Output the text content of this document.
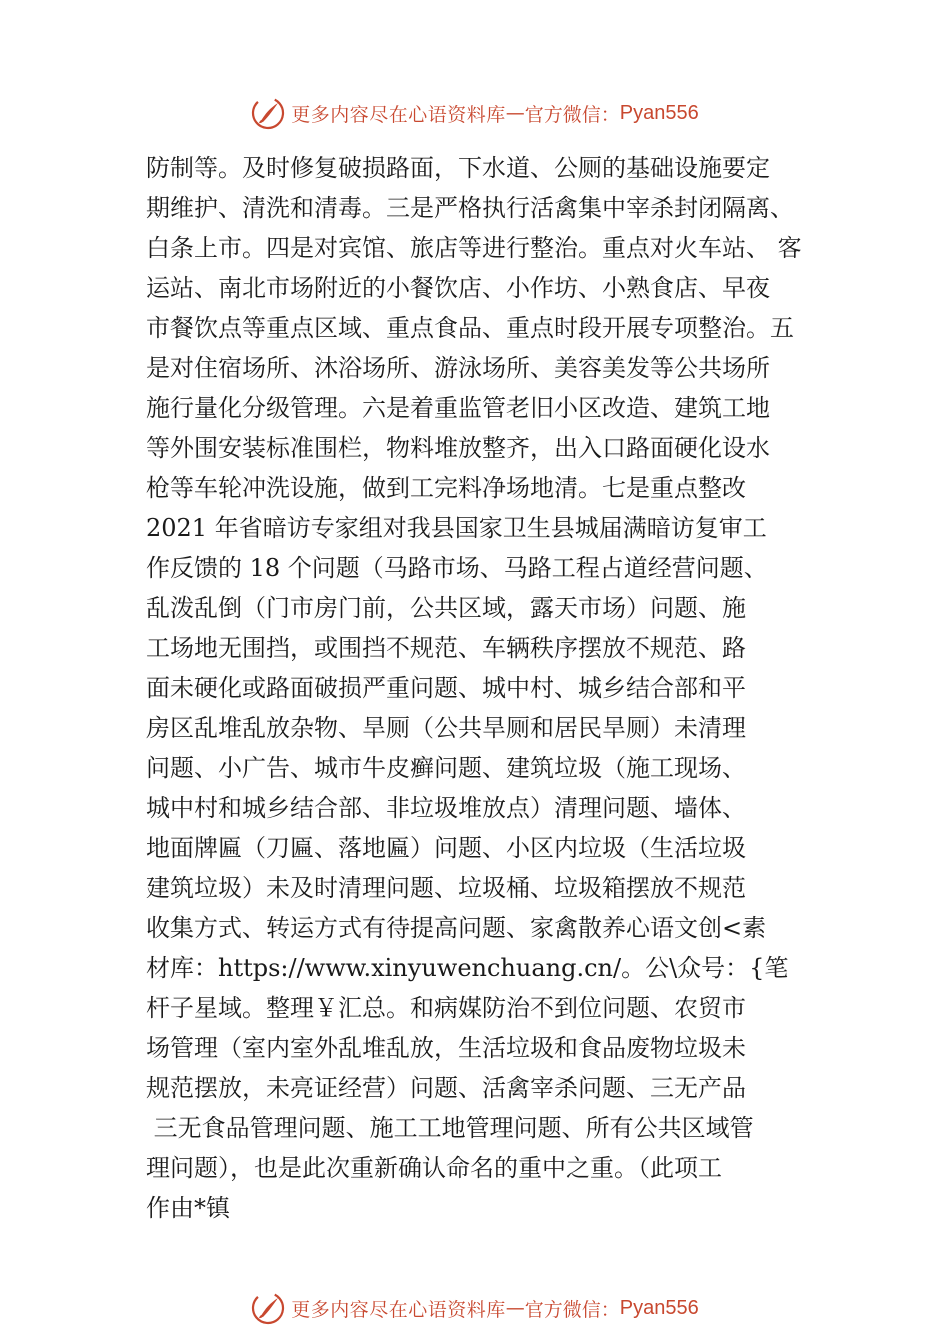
更多内容尽在心语资料库 — 官方微信： Pyan556
防制等。及时修复破损路面，下水道、公厕的基础设施要定
期维护、清洗和清毒。三是严格执行活禽集中宰杀封闭隔离、
白条上市。四是对宾馆、旅店等进行整治。重点对火车站、 客
运站、南北市场附近的小餐饮店、小作坊、小熟食店、早夜
市餐饮点等重点区域、重点食品、重点时段开展专项整治。五
是对住宿场所、沐浴场所、游泳场所、美容美发等公共场所
施行量化分级管理。六是着重监管老旧小区改造、建筑工地
等外围安装标准围栏，物料堆放整齐，出入口路面硬化设水
枪等车轮冲洗设施，做到工完料净场地清。七是重点整改
2021 年省暗访专家组对我县国家卫生县城届满暗访复审工
作反馈的 18 个问题（马路市场、马路工程占道经营问题、
乱泼乱倒（门市房门前，公共区域，露天市场）问题、施
工场地无围挡，或围挡不规范、车辆秩序摆放不规范、路
面未硬化或路面破损严重问题、城中村、城乡结合部和平
房区乱堆乱放杂物、旱厕（公共旱厕和居民旱厕）未清理
问题、小广告、城市牛皮癣问题、建筑垃圾（施工现场、
城中村和城乡结合部、非垃圾堆放点）清理问题、墙体、
地面牌匾（刀匾、落地匾）问题、小区内垃圾（生活垃圾
建筑垃圾）未及时清理问题、垃圾桶、垃圾箱摆放不规范
收集方式、转运方式有待提高问题、家禽散养心语文创<素
材库：https://www.xinyuwenchuang.cn/。公\众号：{笔
杆子星域。整理￥汇总。和病媒防治不到位问题、农贸市
场管理（室内室外乱堆乱放，生活垃圾和食品废物垃圾未
规范摆放，未亮证经营）问题、活禽宰杀问题、三无产品
三无食品管理问题、施工工地管理问题、所有公共区域管
理问题），也是此次重新确认命名的重中之重。（此项工
作由*镇
更多内容尽在心语资料库 — 官方微信： Pyan556
